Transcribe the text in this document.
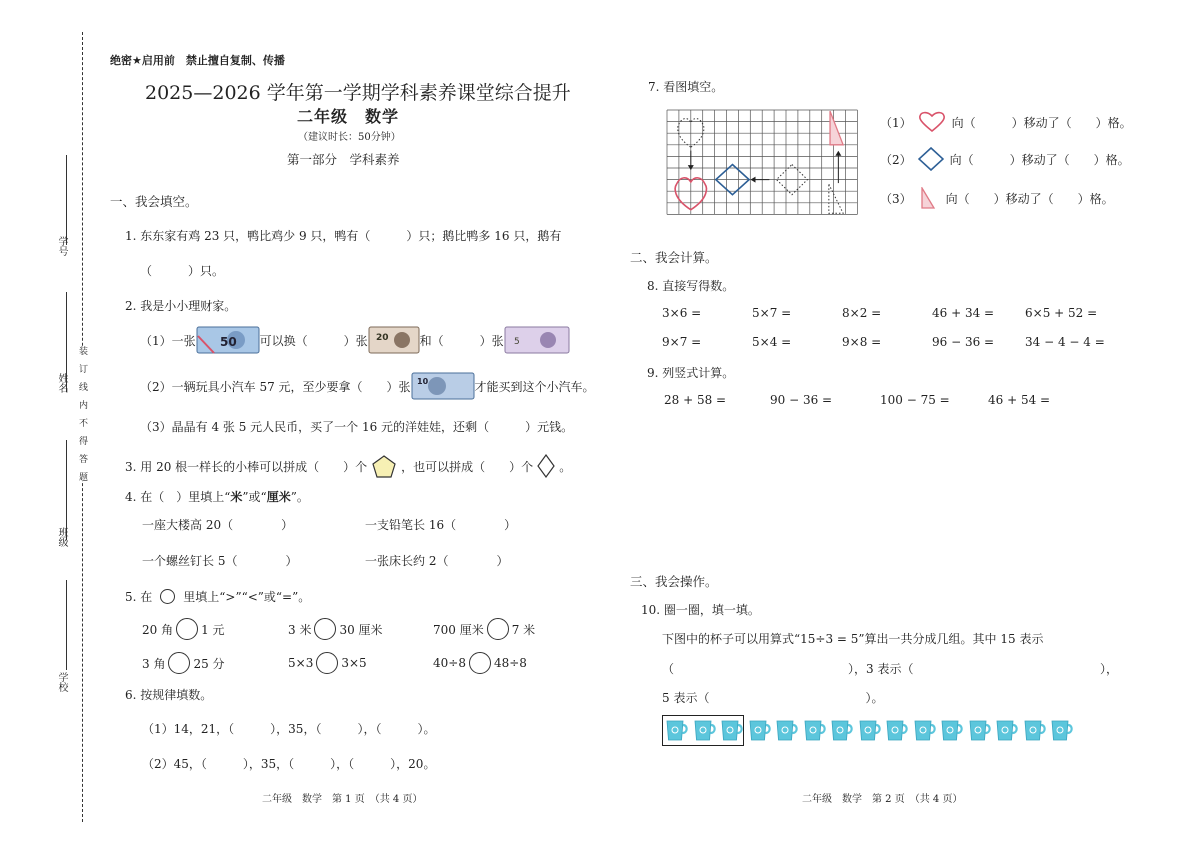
学号
姓名
班级
学校
装　订　线　内　不　得　答　题
绝密★启用前　禁止擅自复制、传播
2025—2026 学年第一学期学科素养课堂综合提升
二年级　数学
（建议时长：50分钟）
第一部分　学科素养
一、我会填空。
1. 东东家有鸡 23 只，鸭比鸡少 9 只，鸭有（　　　）只；鹅比鸭多 16 只，鹅有
（　　　）只。
2. 我是小小理财家。
（1）一张 50 可以换（　　　）张 20	和（　　　）张 5
（2）一辆玩具小汽车 57 元，至少要拿（　　）张 10	才能买到这个小汽车。
（3）晶晶有 4 张 5 元人民币，买了一个 16 元的洋娃娃，还剩（　　　）元钱。
3. 用 20 根一样长的小棒可以拼成（　　）个	，也可以拼成（　　）个 。
4. 在（　）里填上“米”或“厘米”。
一座大楼高 20（　　　　）	一支铅笔长 16（　　　　）
一个螺丝钉长 5（　　　　）	一张床长约 2（　　　　）
5. 在	里填上“>”“<”或“=”。
20 角 1 元	3 米 30 厘米	700 厘米 7 米
3 角 25 分	5×3 3×5	40÷8 48÷8
6. 按规律填数。
（1）14，21，（　　　），35，（　　　），（　　　）。
（2）45，（　　　），35，（　　　），（　　　），20。
二年级　数学　第 1 页　（共 4 页）
7. 看图填空。
（1）	向（　　　）移动了（　　）格。
（2）	向（　　　）移动了（　　）格。
（3）	向（　　）移动了（　　）格。
二、我会计算。
8. 直接写得数。
3×6 =	5×7 =	8×2 =	46 + 34 =	6×5 + 52 =
9×7 =	5×4 =	9×8 =	96 − 36 =	34 − 4 − 4 =
9. 列竖式计算。
28 + 58 =	90 − 36 =	100 − 75 =	46 + 54 =
三、我会操作。
10. 圈一圈，填一填。
下图中的杯子可以用算式“15÷3 = 5”算出一共分成几组。其中 15 表示
（	），3 表示（	），
5 表示（　　　　　　　　　　　　　）。
二年级　数学　第 2 页　（共 4 页）
